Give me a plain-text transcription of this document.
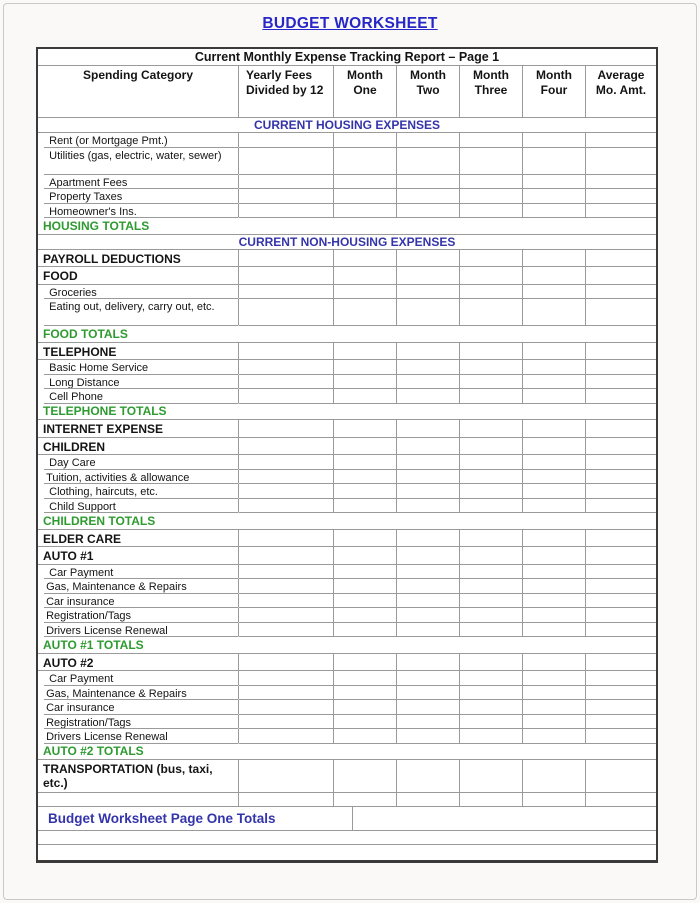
BUDGET WORKSHEET
Current Monthly Expense Tracking Report – Page 1
Spending Category	Yearly Fees Divided by 12
Month One
Month Two
Month Three
Month Four
Average Mo. Amt.
CURRENT HOUSING EXPENSES
Rent (or Mortgage Pmt.)
Utilities (gas, electric, water, sewer)
Apartment Fees
Property Taxes
Homeowner's Ins.
HOUSING TOTALS
CURRENT NON-HOUSING EXPENSES
PAYROLL DEDUCTIONS
FOOD
Groceries
Eating out, delivery, carry out, etc.
FOOD TOTALS
TELEPHONE
Basic Home Service
Long Distance
Cell Phone
TELEPHONE TOTALS
INTERNET EXPENSE
CHILDREN
Day Care
Tuition, activities & allowance
Clothing, haircuts, etc.
Child Support
CHILDREN TOTALS
ELDER CARE
AUTO #1
Car Payment
Gas, Maintenance & Repairs
Car insurance
Registration/Tags
Drivers License Renewal
AUTO #1 TOTALS
AUTO #2
Car Payment
Gas, Maintenance & Repairs
Car insurance
Registration/Tags
Drivers License Renewal
AUTO #2 TOTALS
TRANSPORTATION (bus, taxi, etc.)
Budget Worksheet Page One Totals
